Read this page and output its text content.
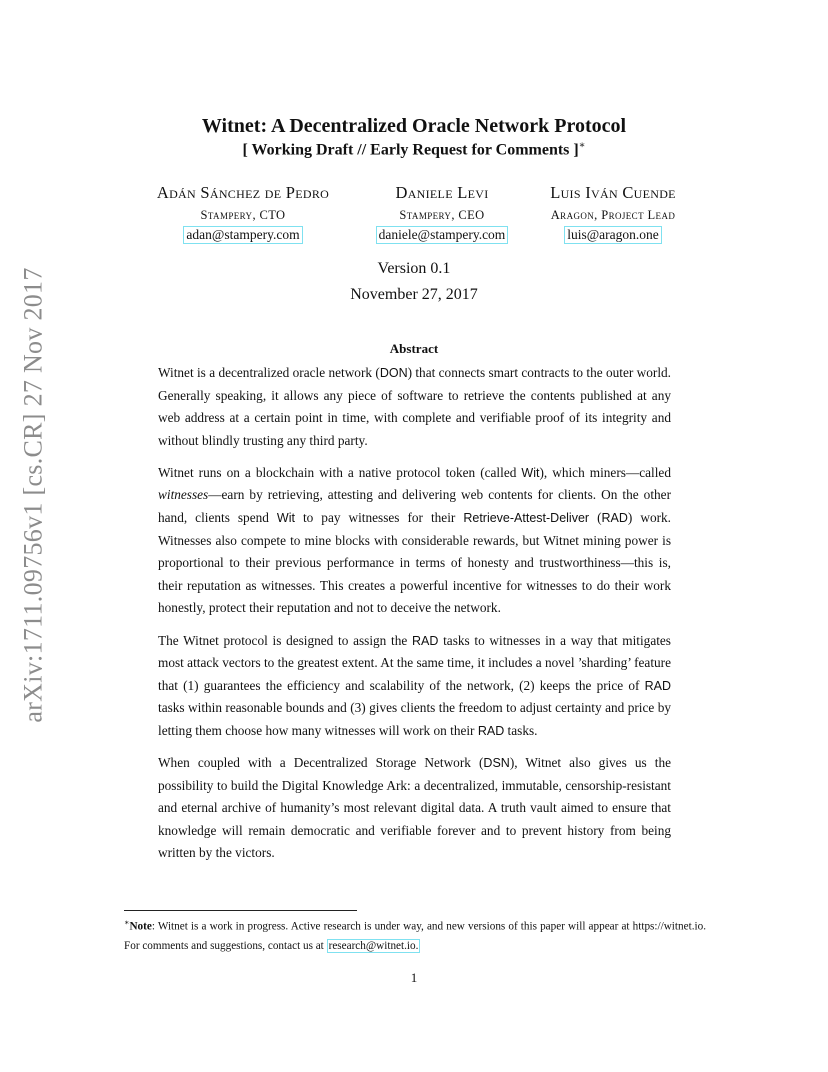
arXiv:1711.09756v1 [cs.CR] 27 Nov 2017
Witnet: A Decentralized Oracle Network Protocol
[ Working Draft // Early Request for Comments ]∗
Adán Sánchez de Pedro
Stampery, CTO
adan@stampery.com
Daniele Levi
Stampery, CEO
daniele@stampery.com
Luis Iván Cuende
Aragon, Project Lead
luis@aragon.one
Version 0.1
November 27, 2017
Abstract

Witnet is a decentralized oracle network (DON) that connects smart contracts to the outer world. Generally speaking, it allows any piece of software to retrieve the contents published at any web address at a certain point in time, with complete and verifiable proof of its integrity and without blindly trusting any third party.

Witnet runs on a blockchain with a native protocol token (called Wit), which miners—called witnesses—earn by retrieving, attesting and delivering web contents for clients. On the other hand, clients spend Wit to pay witnesses for their Retrieve-Attest-Deliver (RAD) work. Witnesses also compete to mine blocks with considerable rewards, but Witnet mining power is proportional to their previous performance in terms of honesty and trustworthiness—this is, their reputation as witnesses. This creates a powerful incentive for witnesses to do their work honestly, protect their reputation and not to deceive the network.

The Witnet protocol is designed to assign the RAD tasks to witnesses in a way that mitigates most attack vectors to the greatest extent. At the same time, it includes a novel ’sharding’ feature that (1) guarantees the efficiency and scalability of the network, (2) keeps the price of RAD tasks within reasonable bounds and (3) gives clients the freedom to adjust certainty and price by letting them choose how many witnesses will work on their RAD tasks.

When coupled with a Decentralized Storage Network (DSN), Witnet also gives us the possibility to build the Digital Knowledge Ark: a decentralized, immutable, censorship-resistant and eternal archive of humanity’s most relevant digital data. A truth vault aimed to ensure that knowledge will remain democratic and verifiable forever and to prevent history from being written by the victors.

∗Note: Witnet is a work in progress. Active research is under way, and new versions of this paper will appear at https://witnet.io. For comments and suggestions, contact us at research@witnet.io.
1
